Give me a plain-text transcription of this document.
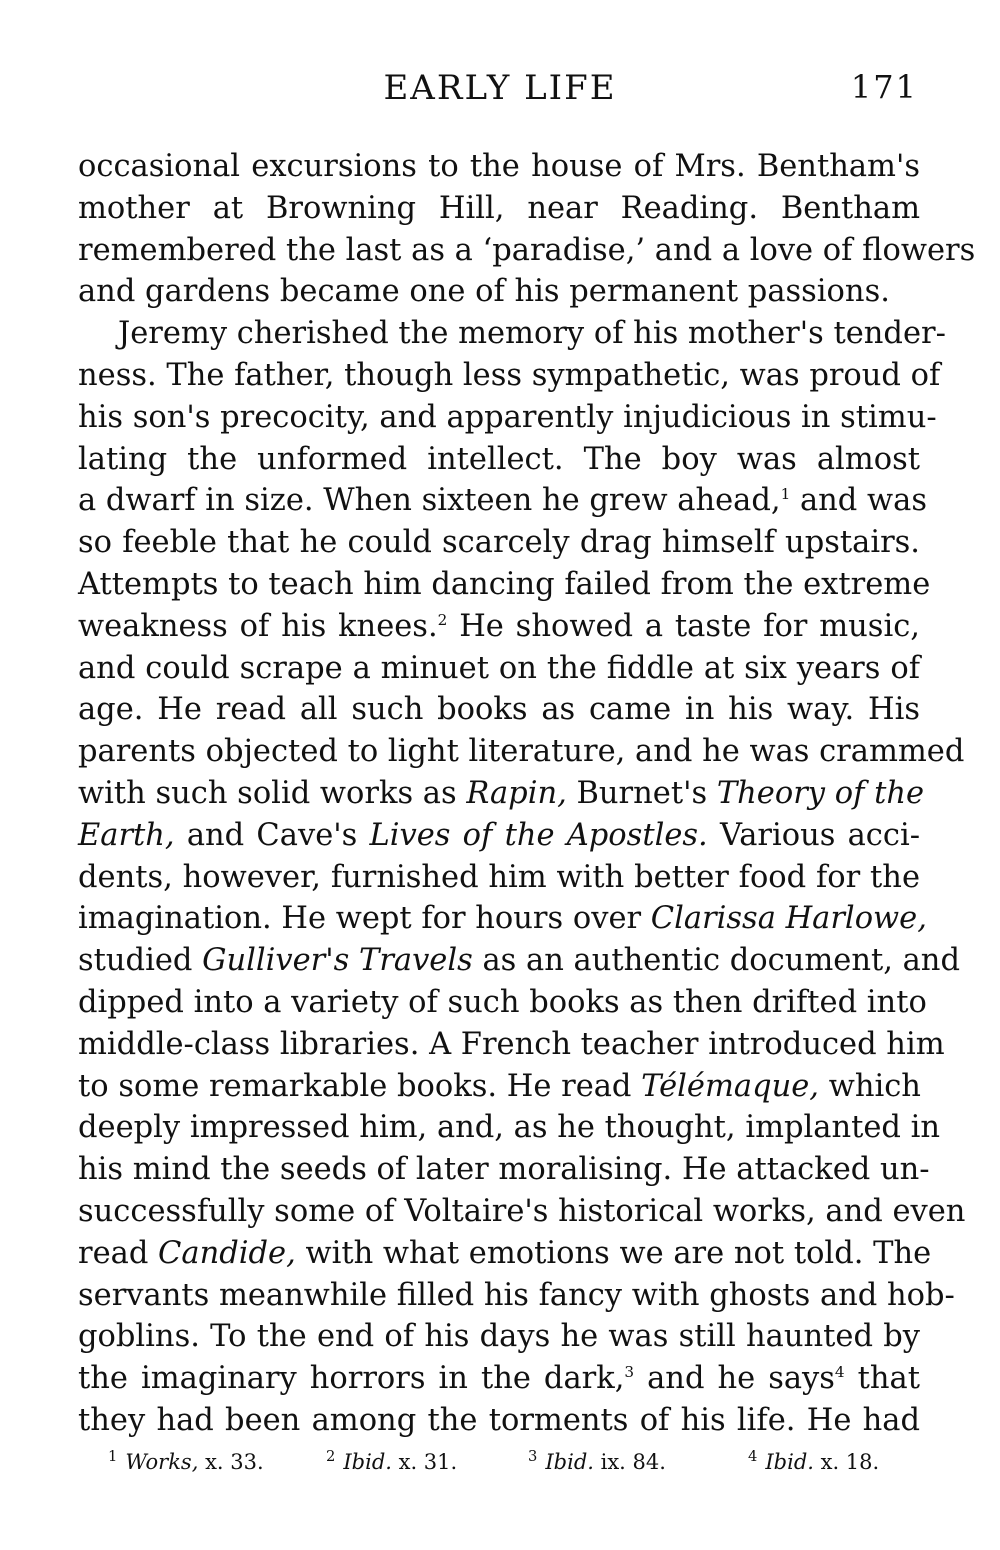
EARLY LIFE	171
occasional excursions to the house of Mrs. Bentham's
mother at Browning Hill, near Reading. Bentham
remembered the last as a ‘paradise,’ and a love of flowers
and gardens became one of his permanent passions.
Jeremy cherished the memory of his mother's tender-
ness. The father, though less sympathetic, was proud of
his son's precocity, and apparently injudicious in stimu-
lating the unformed intellect. The boy was almost
a dwarf in size. When sixteen he grew ahead,$^1$ and was
so feeble that he could scarcely drag himself upstairs.
Attempts to teach him dancing failed from the extreme
weakness of his knees.$^2$ He showed a taste for music,
and could scrape a minuet on the fiddle at six years of
age. He read all such books as came in his way. His
parents objected to light literature, and he was crammed
with such solid works as Rapin, Burnet's Theory of the
Earth, and Cave's Lives of the Apostles. Various acci-
dents, however, furnished him with better food for the
imagination. He wept for hours over Clarissa Harlowe,
studied Gulliver's Travels as an authentic document, and
dipped into a variety of such books as then drifted into
middle-class libraries. A French teacher introduced him
to some remarkable books. He read Télémaque, which
deeply impressed him, and, as he thought, implanted in
his mind the seeds of later moralising. He attacked un-
successfully some of Voltaire's historical works, and even
read Candide, with what emotions we are not told. The
servants meanwhile filled his fancy with ghosts and hob-
goblins. To the end of his days he was still haunted by
the imaginary horrors in the dark,$^3$ and he says$^4$ that
they had been among the torments of his life. He had
$^1$ Works, x. 33.	$^2$ Ibid. x. 31.	$^3$ Ibid. ix. 84.	$^4$ Ibid. x. 18.
